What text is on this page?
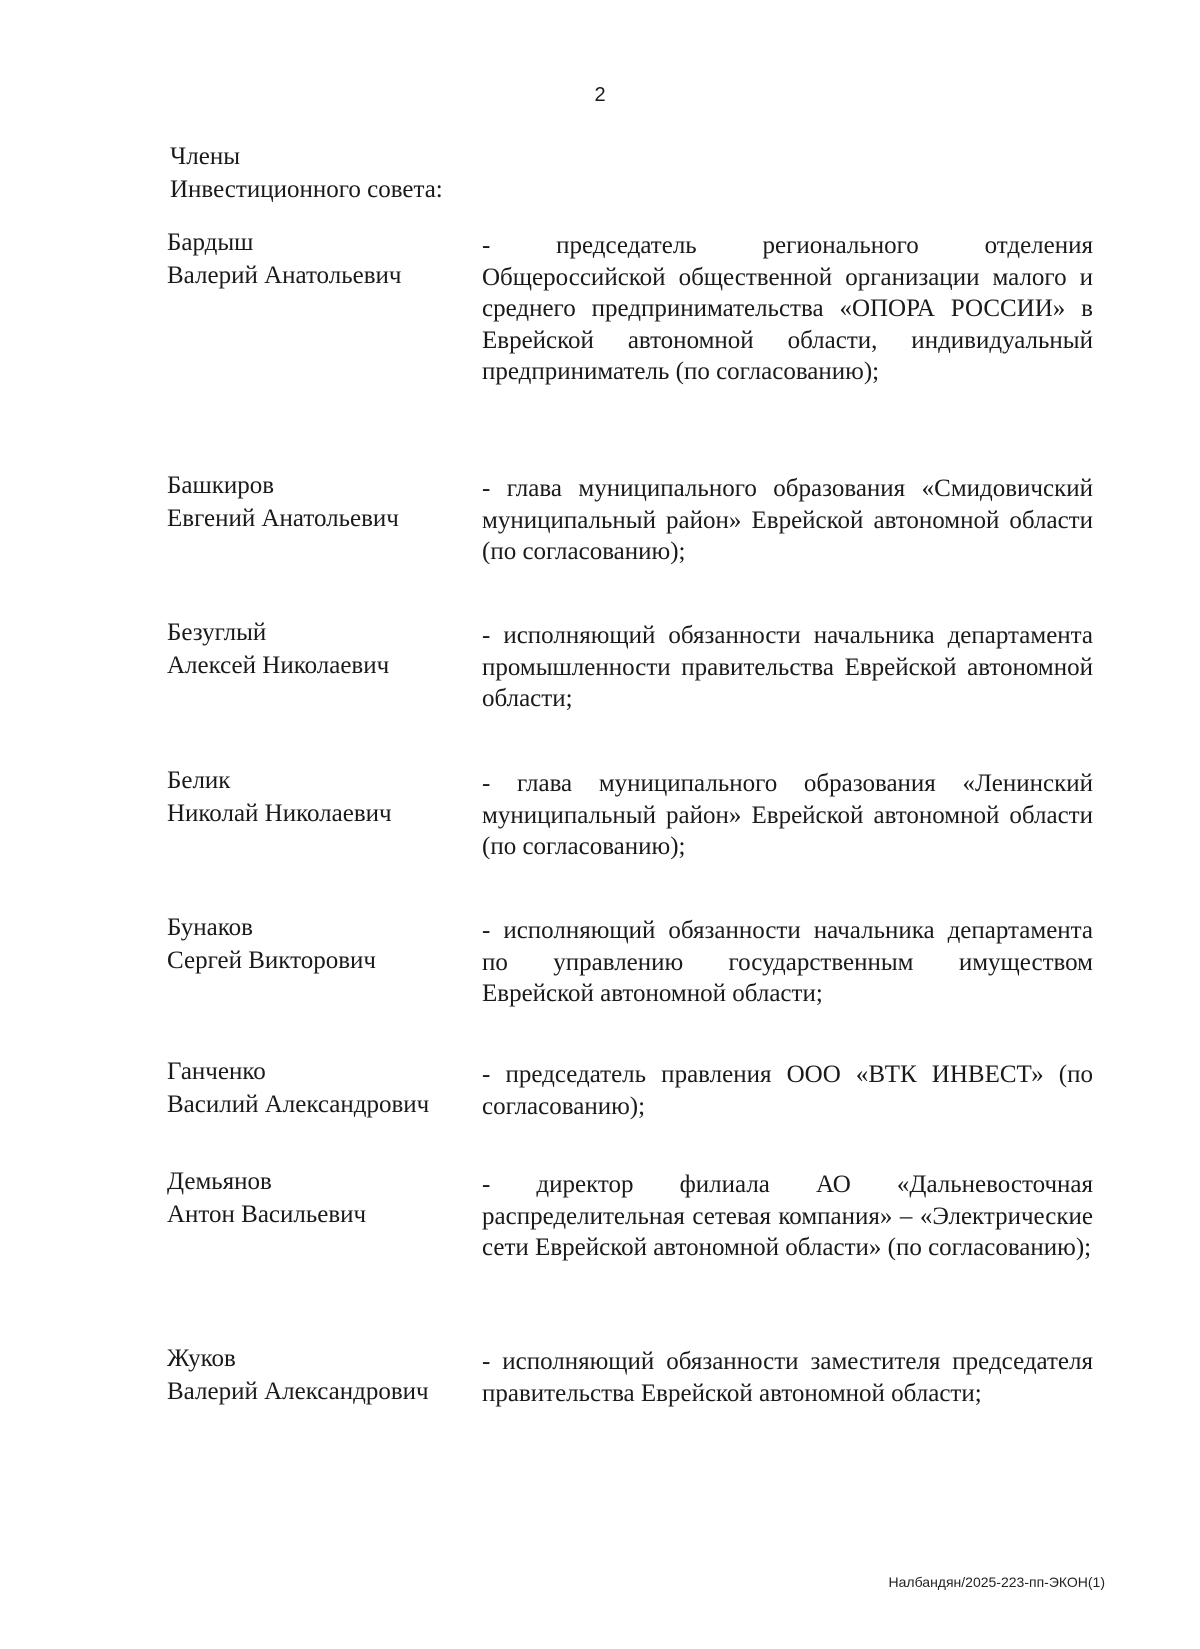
2
Члены
Инвестиционного совета:
Бардыш
Валерий Анатольевич
- председатель регионального отделения Общероссийской общественной организации малого и среднего предпринимательства «ОПОРА РОССИИ» в Еврейской автономной области, индивидуальный предприниматель (по согласованию);
Башкиров
Евгений Анатольевич
- глава муниципального образования «Смидовичский муниципальный район» Еврейской автономной области (по согласованию);
Безуглый
Алексей Николаевич
- исполняющий обязанности начальника департамента промышленности правительства Еврейской автономной области;
Белик
Николай Николаевич
- глава муниципального образования «Ленинский муниципальный район» Еврейской автономной области (по согласованию);
Бунаков
Сергей Викторович
- исполняющий обязанности начальника департамента по управлению государственным имуществом Еврейской автономной области;
Ганченко
Василий Александрович
- председатель правления ООО «ВТК ИНВЕСТ» (по согласованию);
Демьянов
Антон Васильевич
- директор филиала АО «Дальневосточная распределительная сетевая компания» – «Электрические сети Еврейской автономной области» (по согласованию);
Жуков
Валерий Александрович
- исполняющий обязанности заместителя председателя правительства Еврейской автономной области;
Налбандян/2025-223-пп-ЭКОН(1)
